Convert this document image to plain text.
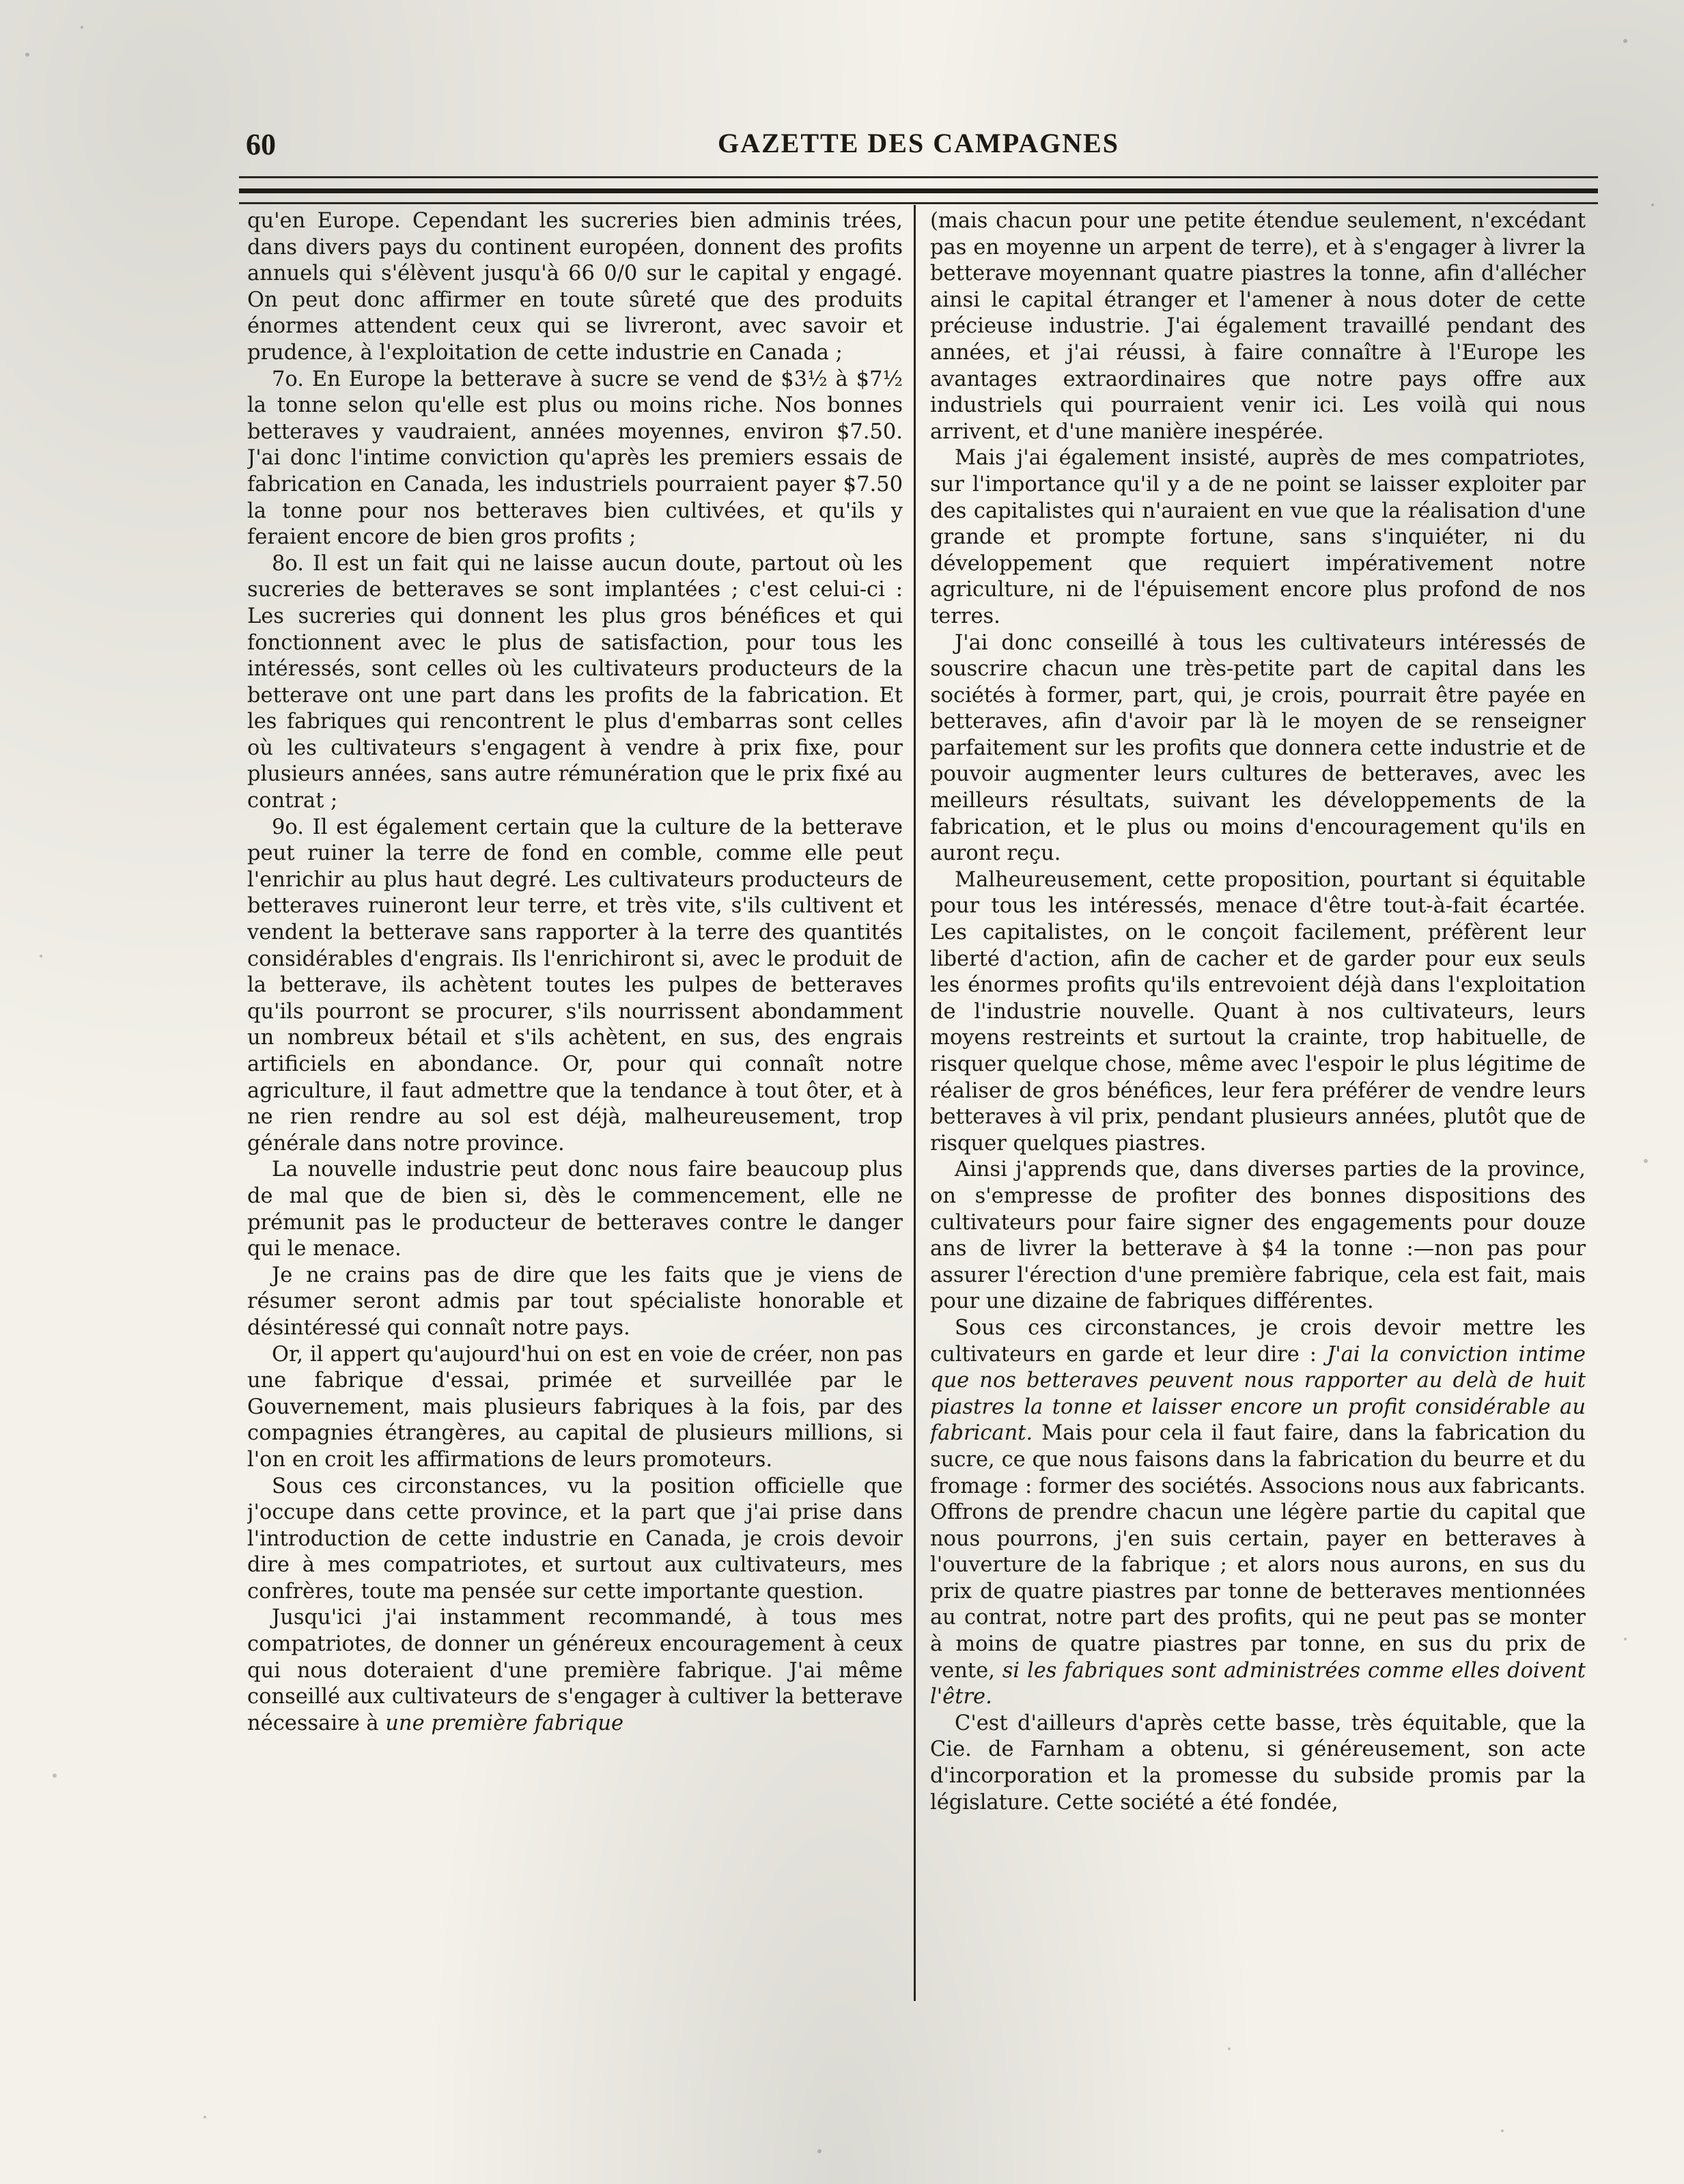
60	GAZETTE DES CAMPAGNES

qu'en Europe. Cependant les sucreries bien adminis trées, dans divers pays du continent européen, donnent des profits annuels qui s'élèvent jusqu'à 66 0/0 sur le capital y engagé. On peut donc affirmer en toute sûreté que des produits énormes attendent ceux qui se livreront, avec savoir et prudence, à l'exploitation de cette industrie en Canada ;

7o. En Europe la betterave à sucre se vend de $3½ à $7½ la tonne selon qu'elle est plus ou moins riche. Nos bonnes betteraves y vaudraient, années moyennes, environ $7.50. J'ai donc l'intime conviction qu'après les premiers essais de fabrication en Canada, les industriels pourraient payer $7.50 la tonne pour nos betteraves bien cultivées, et qu'ils y feraient encore de bien gros profits ;

8o. Il est un fait qui ne laisse aucun doute, partout où les sucreries de betteraves se sont implantées ; c'est celui-ci : Les sucreries qui donnent les plus gros bénéfices et qui fonctionnent avec le plus de satisfaction, pour tous les intéressés, sont celles où les cultivateurs producteurs de la betterave ont une part dans les profits de la fabrication. Et les fabriques qui rencontrent le plus d'embarras sont celles où les cultivateurs s'engagent à vendre à prix fixe, pour plusieurs années, sans autre rémunération que le prix fixé au contrat ;

9o. Il est également certain que la culture de la betterave peut ruiner la terre de fond en comble, comme elle peut l'enrichir au plus haut degré. Les cultivateurs producteurs de betteraves ruineront leur terre, et très vite, s'ils cultivent et vendent la betterave sans rapporter à la terre des quantités considérables d'engrais. Ils l'enrichiront si, avec le produit de la betterave, ils achètent toutes les pulpes de betteraves qu'ils pourront se procurer, s'ils nourrissent abondamment un nombreux bétail et s'ils achètent, en sus, des engrais artificiels en abondance. Or, pour qui connaît notre agriculture, il faut admettre que la tendance à tout ôter, et à ne rien rendre au sol est déjà, malheureusement, trop générale dans notre province.

La nouvelle industrie peut donc nous faire beaucoup plus de mal que de bien si, dès le commencement, elle ne prémunit pas le producteur de betteraves contre le danger qui le menace.

Je ne crains pas de dire que les faits que je viens de résumer seront admis par tout spécialiste honorable et désintéressé qui connaît notre pays.

Or, il appert qu'aujourd'hui on est en voie de créer, non pas une fabrique d'essai, primée et surveillée par le Gouvernement, mais plusieurs fabriques à la fois, par des compagnies étrangères, au capital de plusieurs millions, si l'on en croit les affirmations de leurs promoteurs.

Sous ces circonstances, vu la position officielle que j'occupe dans cette province, et la part que j'ai prise dans l'introduction de cette industrie en Canada, je crois devoir dire à mes compatriotes, et surtout aux cultivateurs, mes confrères, toute ma pensée sur cette importante question.

Jusqu'ici j'ai instamment recommandé, à tous mes compatriotes, de donner un généreux encouragement à ceux qui nous doteraient d'une première fabrique. J'ai même conseillé aux cultivateurs de s'engager à cultiver la betterave nécessaire à une première fabrique

(mais chacun pour une petite étendue seulement, n'excédant pas en moyenne un arpent de terre), et à s'engager à livrer la betterave moyennant quatre piastres la tonne, afin d'allécher ainsi le capital étranger et l'amener à nous doter de cette précieuse industrie. J'ai également travaillé pendant des années, et j'ai réussi, à faire connaître à l'Europe les avantages extraordinaires que notre pays offre aux industriels qui pourraient venir ici. Les voilà qui nous arrivent, et d'une manière inespérée.

Mais j'ai également insisté, auprès de mes compatriotes, sur l'importance qu'il y a de ne point se laisser exploiter par des capitalistes qui n'auraient en vue que la réalisation d'une grande et prompte fortune, sans s'inquiéter, ni du développement que requiert impérativement notre agriculture, ni de l'épuisement encore plus profond de nos terres.

J'ai donc conseillé à tous les cultivateurs intéressés de souscrire chacun une très-petite part de capital dans les sociétés à former, part, qui, je crois, pourrait être payée en betteraves, afin d'avoir par là le moyen de se renseigner parfaitement sur les profits que donnera cette industrie et de pouvoir augmenter leurs cultures de betteraves, avec les meilleurs résultats, suivant les développements de la fabrication, et le plus ou moins d'encouragement qu'ils en auront reçu.

Malheureusement, cette proposition, pourtant si équitable pour tous les intéressés, menace d'être tout-à-fait écartée. Les capitalistes, on le conçoit facilement, préfèrent leur liberté d'action, afin de cacher et de garder pour eux seuls les énormes profits qu'ils entrevoient déjà dans l'exploitation de l'industrie nouvelle. Quant à nos cultivateurs, leurs moyens restreints et surtout la crainte, trop habituelle, de risquer quelque chose, même avec l'espoir le plus légitime de réaliser de gros bénéfices, leur fera préférer de vendre leurs betteraves à vil prix, pendant plusieurs années, plutôt que de risquer quelques piastres.

Ainsi j'apprends que, dans diverses parties de la province, on s'empresse de profiter des bonnes dispositions des cultivateurs pour faire signer des engagements pour douze ans de livrer la betterave à $4 la tonne :—non pas pour assurer l'érection d'une première fabrique, cela est fait, mais pour une dizaine de fabriques différentes.

Sous ces circonstances, je crois devoir mettre les cultivateurs en garde et leur dire : J'ai la conviction intime que nos betteraves peuvent nous rapporter au delà de huit piastres la tonne et laisser encore un profit considérable au fabricant. Mais pour cela il faut faire, dans la fabrication du sucre, ce que nous faisons dans la fabrication du beurre et du fromage : former des sociétés. Associons nous aux fabricants. Offrons de prendre chacun une légère partie du capital que nous pourrons, j'en suis certain, payer en betteraves à l'ouverture de la fabrique ; et alors nous aurons, en sus du prix de quatre piastres par tonne de betteraves mentionnées au contrat, notre part des profits, qui ne peut pas se monter à moins de quatre piastres par tonne, en sus du prix de vente, si les fabriques sont administrées comme elles doivent l'être.

C'est d'ailleurs d'après cette basse, très équitable, que la Cie. de Farnham a obtenu, si généreusement, son acte d'incorporation et la promesse du subside promis par la législature. Cette société a été fondée,
